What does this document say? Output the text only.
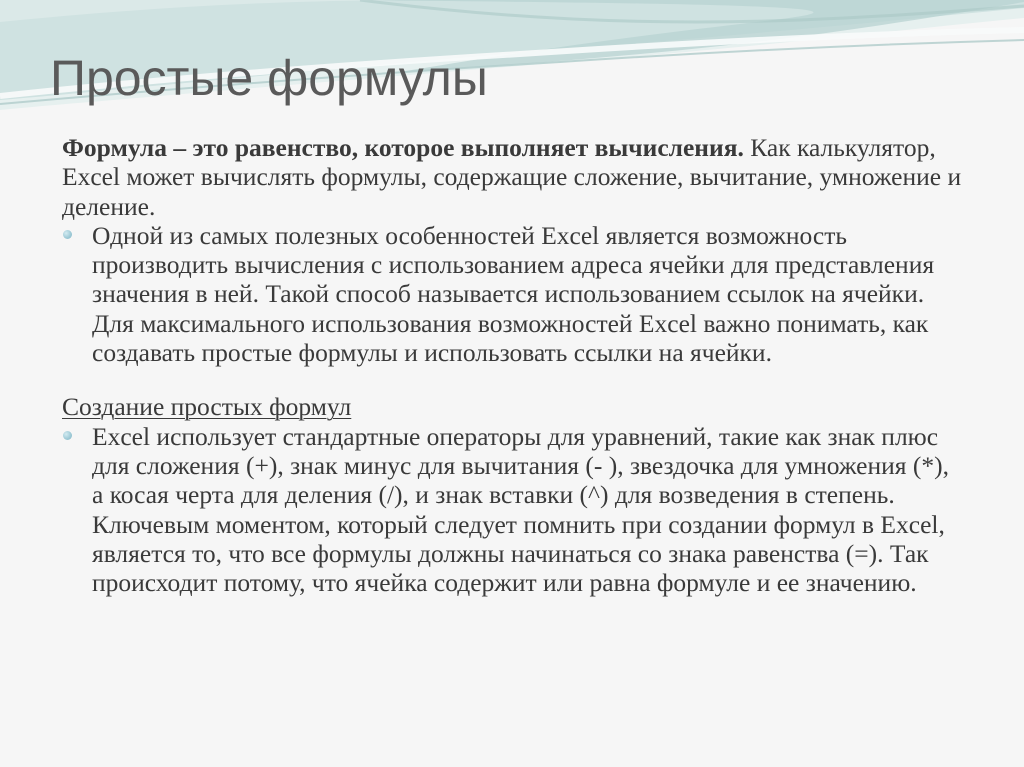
Простые формулы

Формула – это равенство, которое выполняет вычисления. Как калькулятор, Excel может вычислять формулы, содержащие сложение, вычитание, умножение и деление.

Одной из самых полезных особенностей Excel является возможность производить вычисления с использованием адреса ячейки для представления значения в ней. Такой способ называется использованием ссылок на ячейки. Для максимального использования возможностей Excel важно понимать, как создавать простые формулы и использовать ссылки на ячейки.

Создание простых формул

Excel использует стандартные операторы для уравнений, такие как знак плюс для сложения (+), знак минус для вычитания (- ), звездочка для умножения (*), а косая черта для деления (/), и знак вставки (^) для возведения в степень. Ключевым моментом, который следует помнить при создании формул в Excel, является то, что все формулы должны начинаться со знака равенства (=). Так происходит потому, что ячейка содержит или равна формуле и ее значению.
